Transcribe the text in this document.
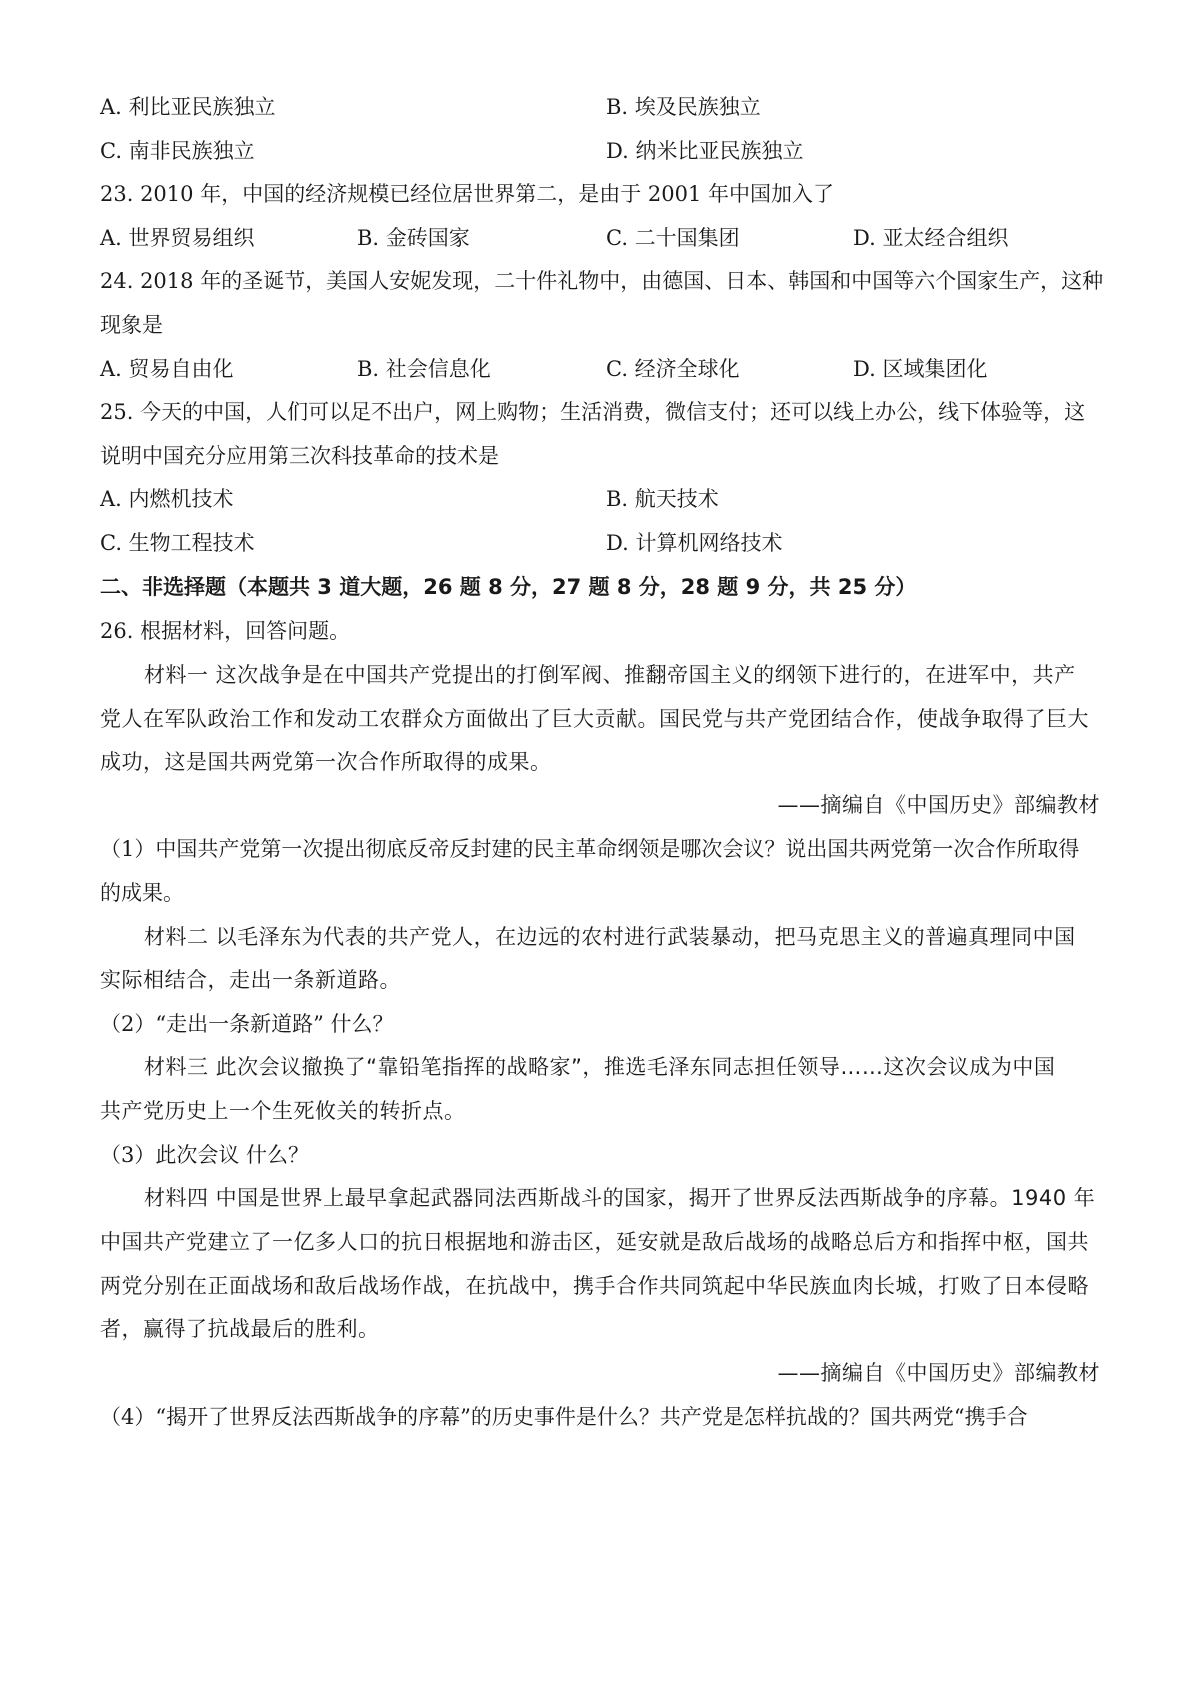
A. 利比亚民族独立	B. 埃及民族独立
C. 南非民族独立	D. 纳米比亚民族独立
23. 2010 年，中国的经济规模已经位居世界第二，是由于 2001 年中国加入了
A. 世界贸易组织	B. 金砖国家	C. 二十国集团	D. 亚太经合组织
24. 2018 年的圣诞节，美国人安妮发现，二十件礼物中，由德国、日本、韩国和中国等六个国家生产，这种
现象是
A. 贸易自由化	B. 社会信息化	C. 经济全球化	D. 区域集团化
25. 今天的中国，人们可以足不出户，网上购物；生活消费，微信支付；还可以线上办公，线下体验等，这
说明中国充分应用第三次科技革命的技术是
A. 内燃机技术	B. 航天技术
C. 生物工程技术	D. 计算机网络技术
二、非选择题（本题共 3 道大题，26 题 8 分，27 题 8 分，28 题 9 分，共 25 分）
26. 根据材料，回答问题。
材料一 这次战争是在中国共产党提出的打倒军阀、推翻帝国主义的纲领下进行的，在进军中，共产
党人在军队政治工作和发动工农群众方面做出了巨大贡献。国民党与共产党团结合作，使战争取得了巨大
成功，这是国共两党第一次合作所取得的成果。
——摘编自《中国历史》部编教材
（1）中国共产党第一次提出彻底反帝反封建的民主革命纲领是哪次会议？说出国共两党第一次合作所取得
的成果。
材料二 以毛泽东为代表的共产党人，在边远的农村进行武装暴动，把马克思主义的普遍真理同中国
实际相结合，走出一条新道路。
（2）“走出一条新道路” 什么？
材料三 此次会议撤换了“靠铅笔指挥的战略家”，推选毛泽东同志担任领导……这次会议成为中国
共产党历史上一个生死攸关的转折点。
（3）此次会议 什么？
材料四 中国是世界上最早拿起武器同法西斯战斗的国家，揭开了世界反法西斯战争的序幕。1940 年
中国共产党建立了一亿多人口的抗日根据地和游击区，延安就是敌后战场的战略总后方和指挥中枢，国共
两党分别在正面战场和敌后战场作战，在抗战中，携手合作共同筑起中华民族血肉长城，打败了日本侵略
者，赢得了抗战最后的胜利。
——摘编自《中国历史》部编教材
（4）“揭开了世界反法西斯战争的序幕”的历史事件是什么？共产党是怎样抗战的？国共两党“携手合
